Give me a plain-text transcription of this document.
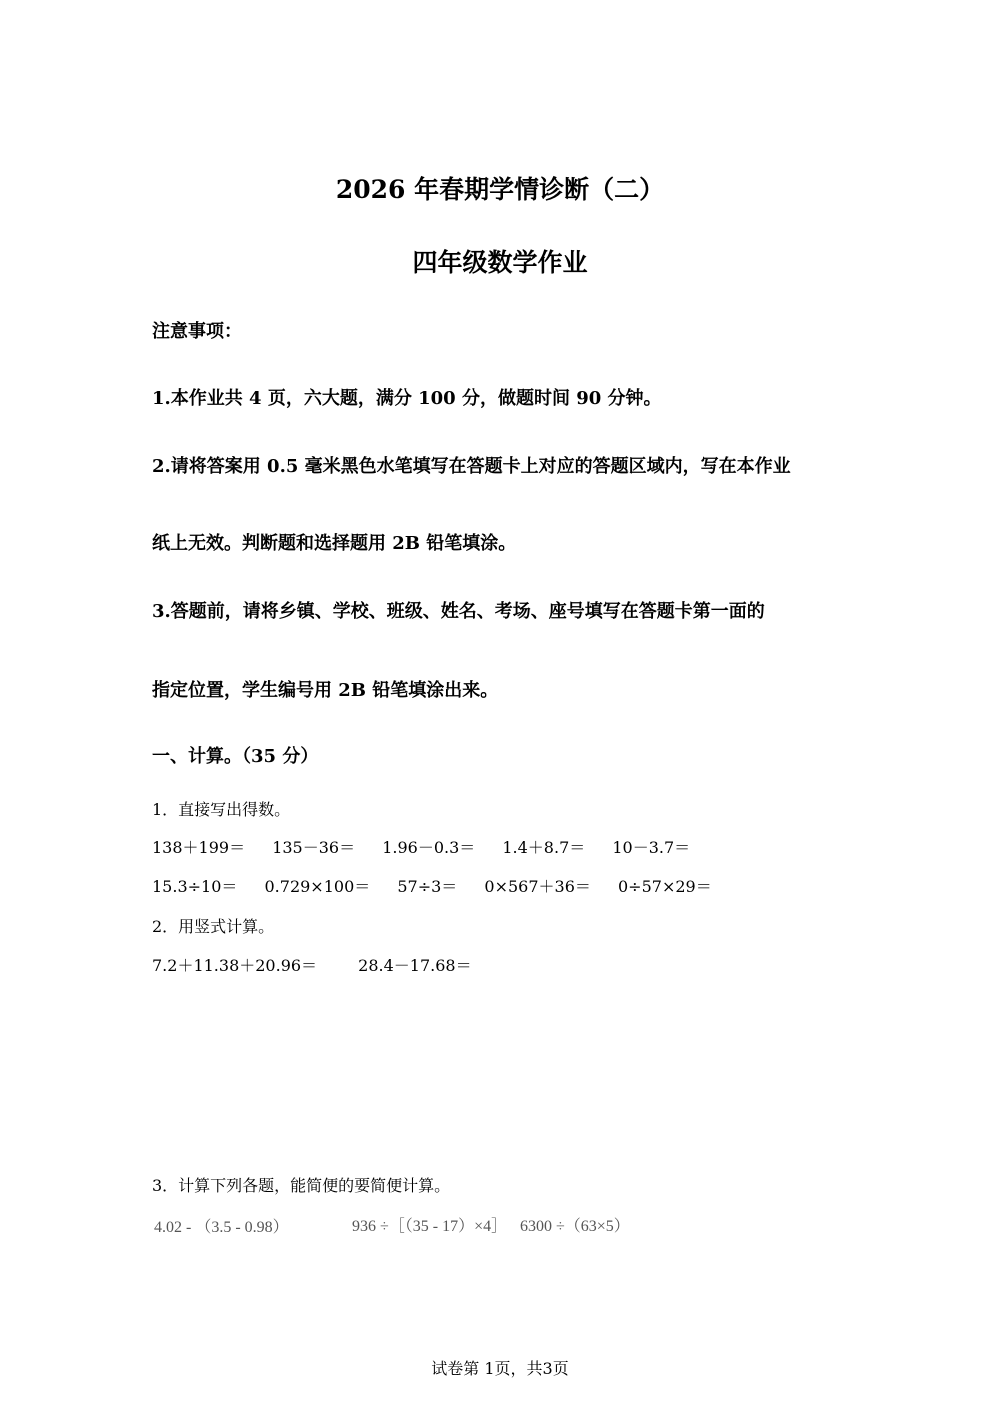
2026 年春期学情诊断（二）
四年级数学作业
注意事项：
1.本作业共 4 页，六大题，满分 100 分，做题时间 90 分钟。
2.请将答案用 0.5 毫米黑色水笔填写在答题卡上对应的答题区域内，写在本作业
纸上无效。判断题和选择题用 2B 铅笔填涂。
3.答题前，请将乡镇、学校、班级、姓名、考场、座号填写在答题卡第一面的
指定位置，学生编号用 2B 铅笔填涂出来。
一、计算。（35 分）
1．直接写出得数。
138＋199＝ 135－36＝ 1.96－0.3＝ 1.4＋8.7＝ 10－3.7＝
15.3÷10＝ 0.729×100＝ 57÷3＝ 0×567＋36＝ 0÷57×29＝
2．用竖式计算。
7.2＋11.38＋20.96＝	28.4－17.68＝
3．计算下列各题，能简便的要简便计算。
4.02 - （3.5 - 0.98）	936 ÷［（35 - 17）×4］ 6300 ÷（63×5）
试卷第 1页，共3页
